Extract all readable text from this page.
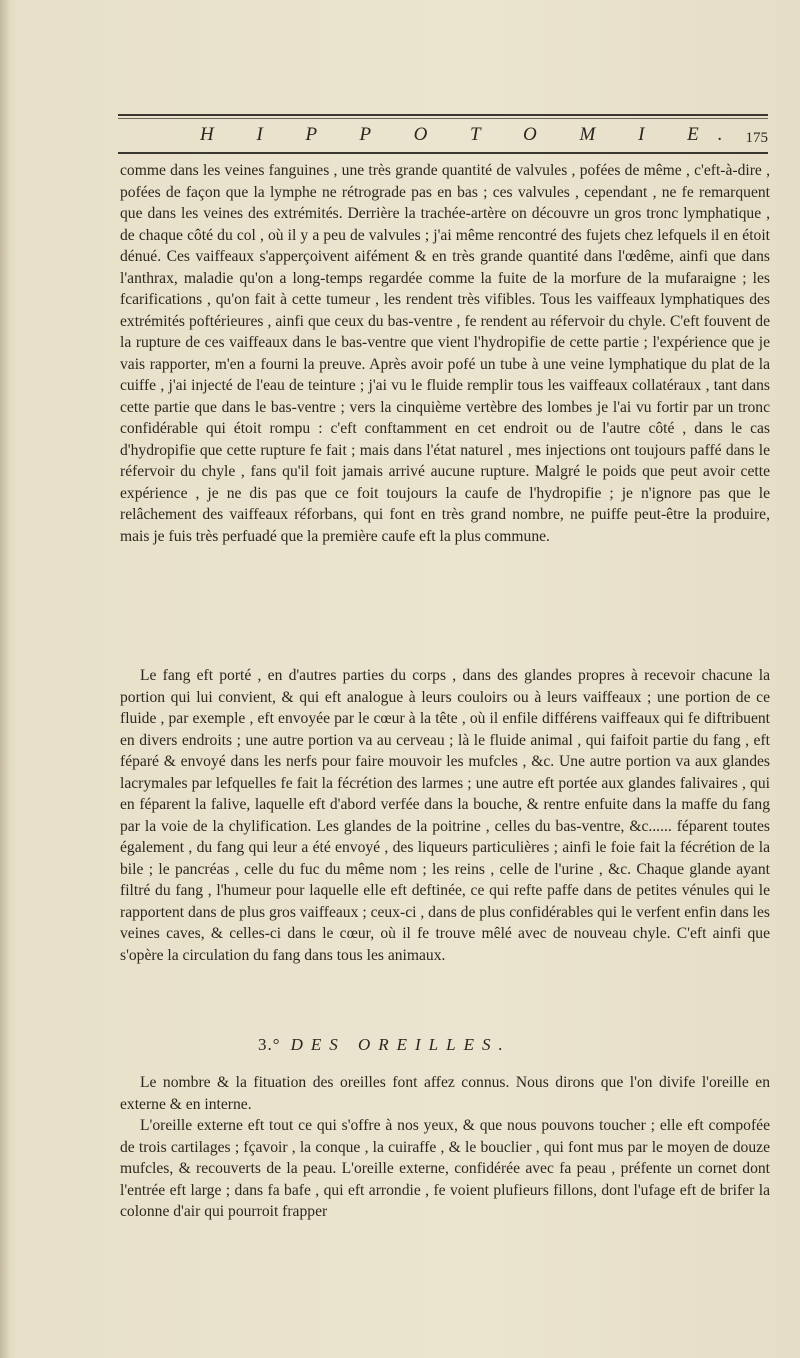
H I P P O T O M I E. 175

comme dans les veines fanguines , une très grande quantité de valvules , pofées de même , c'eft-à-dire , pofées de façon que la lymphe ne rétrograde pas en bas ; ces valvules , cependant , ne fe remarquent que dans les veines des extrémités. Derrière la trachée-artère on découvre un gros tronc lymphatique , de chaque côté du col , où il y a peu de valvules ; j'ai même rencontré des fujets chez lefquels il en étoit dénué. Ces vaiffeaux s'apperçoivent aifément & en très grande quantité dans l'œdême, ainfi que dans l'anthrax, maladie qu'on a long-temps regardée comme la fuite de la morfure de la mufaraigne ; les fcarifications , qu'on fait à cette tumeur , les rendent très vifibles. Tous les vaiffeaux lymphatiques des extrémités poftérieures , ainfi que ceux du bas-ventre , fe rendent au réfervoir du chyle. C'eft fouvent de la rupture de ces vaiffeaux dans le bas-ventre que vient l'hydropifie de cette partie ; l'expérience que je vais rapporter, m'en a fourni la preuve. Après avoir pofé un tube à une veine lymphatique du plat de la cuiffe , j'ai injecté de l'eau de teinture ; j'ai vu le fluide remplir tous les vaiffeaux collatéraux , tant dans cette partie que dans le bas-ventre ; vers la cinquième vertèbre des lombes je l'ai vu fortir par un tronc confidérable qui étoit rompu : c'eft conftamment en cet endroit ou de l'autre côté , dans le cas d'hydropifie que cette rupture fe fait ; mais dans l'état naturel , mes injections ont toujours paffé dans le réfervoir du chyle , fans qu'il foit jamais arrivé aucune rupture. Malgré le poids que peut avoir cette expérience , je ne dis pas que ce foit toujours la caufe de l'hydropifie ; je n'ignore pas que le relâchement des vaiffeaux réforbans, qui font en très grand nombre, ne puiffe peut-être la produire, mais je fuis très perfuadé que la première caufe eft la plus commune.

Le fang eft porté , en d'autres parties du corps , dans des glandes propres à recevoir chacune la portion qui lui convient, & qui eft analogue à leurs couloirs ou à leurs vaiffeaux ; une portion de ce fluide , par exemple , eft envoyée par le cœur à la tête , où il enfile différens vaiffeaux qui fe diftribuent en divers endroits ; une autre portion va au cerveau ; là le fluide animal , qui faifoit partie du fang , eft féparé & envoyé dans les nerfs pour faire mouvoir les mufcles , &c. Une autre portion va aux glandes lacrymales par lefquelles fe fait la fécrétion des larmes ; une autre eft portée aux glandes falivaires , qui en féparent la falive, laquelle eft d'abord verfée dans la bouche, & rentre enfuite dans la maffe du fang par la voie de la chylification. Les glandes de la poitrine , celles du bas-ventre, &c...... féparent toutes également , du fang qui leur a été envoyé , des liqueurs particulières ; ainfi le foie fait la fécrétion de la bile ; le pancréas , celle du fuc du même nom ; les reins , celle de l'urine , &c. Chaque glande ayant filtré du fang , l'humeur pour laquelle elle eft deftinée, ce qui refte paffe dans de petites vénules qui le rapportent dans de plus gros vaiffeaux ; ceux-ci , dans de plus confidérables qui le verfent enfin dans les veines caves, & celles-ci dans le cœur, où il fe trouve mêlé avec de nouveau chyle. C'eft ainfi que s'opère la circulation du fang dans tous les animaux.

3.° DES OREILLES.

Le nombre & la fituation des oreilles font affez connus. Nous dirons que l'on divife l'oreille en externe & en interne.

L'oreille externe eft tout ce qui s'offre à nos yeux, & que nous pouvons toucher ; elle eft compofée de trois cartilages ; fçavoir , la conque , la cuiraffe , & le bouclier , qui font mus par le moyen de douze mufcles, & recouverts de la peau. L'oreille externe, confidérée avec fa peau , préfente un cornet dont l'entrée eft large ; dans fa bafe , qui eft arrondie , fe voient plufieurs fillons, dont l'ufage eft de brifer la colonne d'air qui pourroit frapper
